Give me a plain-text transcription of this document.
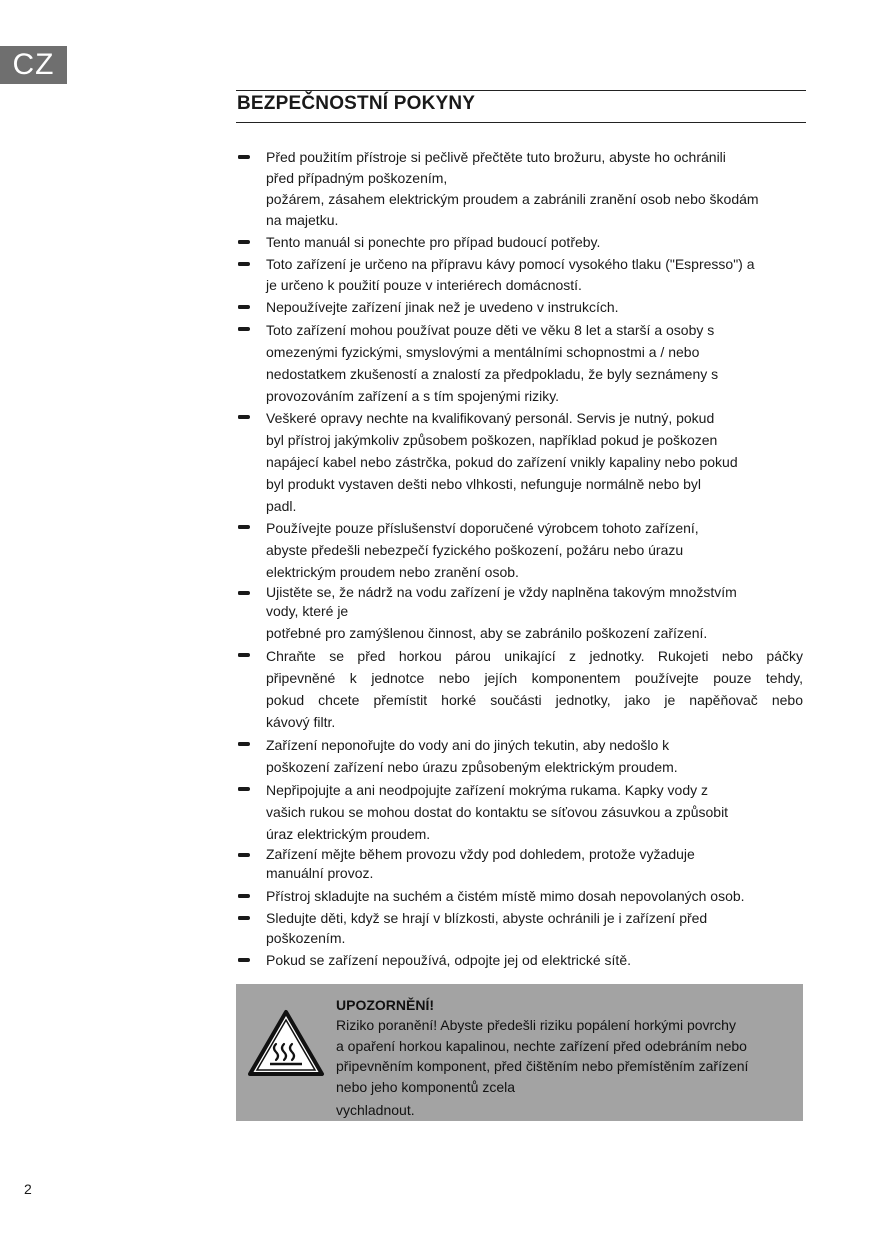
CZ
BEZPEČNOSTNÍ POKYNY
Před použitím přístroje si pečlivě přečtěte tuto brožuru, abyste ho ochránili
před případným poškozením,
požárem, zásahem elektrickým proudem a zabránili zranění osob nebo škodám
na majetku.
Tento manuál si ponechte pro případ budoucí potřeby.
Toto zařízení je určeno na přípravu kávy pomocí vysokého tlaku ("Espresso") a
je určeno k použití pouze v interiérech domácností.
Nepoužívejte zařízení jinak než je uvedeno v instrukcích.
Toto zařízení mohou používat pouze děti ve věku 8 let a starší a osoby s
omezenými fyzickými, smyslovými a mentálními schopnostmi a / nebo
nedostatkem zkušeností a znalostí za předpokladu, že byly seznámeny s
provozováním zařízení a s tím spojenými riziky.
Veškeré opravy nechte na kvalifikovaný personál. Servis je nutný, pokud
byl přístroj jakýmkoliv způsobem poškozen, například pokud je poškozen
napájecí kabel nebo zástrčka, pokud do zařízení vnikly kapaliny nebo pokud
byl produkt vystaven dešti nebo vlhkosti, nefunguje normálně nebo byl
padl.
Používejte pouze příslušenství doporučené výrobcem tohoto zařízení,
abyste předešli nebezpečí fyzického poškození, požáru nebo úrazu
elektrickým proudem nebo zranění osob.
Ujistěte se, že nádrž na vodu zařízení je vždy naplněna takovým množstvím
vody, které je
potřebné pro zamýšlenou činnost, aby se zabránilo poškození zařízení.
Chraňte se před horkou párou unikající z jednotky. Rukojeti nebo páčky
připevněné k jednotce nebo jejích komponentem používejte pouze tehdy,
pokud chcete přemístit horké součásti jednotky, jako je napěňovač nebo
kávový filtr.
Zařízení neponořujte do vody ani do jiných tekutin, aby nedošlo k
poškození zařízení nebo úrazu způsobeným elektrickým proudem.
Nepřipojujte a ani neodpojujte zařízení mokrýma rukama. Kapky vody z
vašich rukou se mohou dostat do kontaktu se síťovou zásuvkou a způsobit
úraz elektrickým proudem.
Zařízení mějte během provozu vždy pod dohledem, protože vyžaduje
manuální provoz.
Přístroj skladujte na suchém a čistém místě mimo dosah nepovolaných osob.
Sledujte děti, když se hrají v blízkosti, abyste ochránili je i zařízení před
poškozením.
Pokud se zařízení nepoužívá, odpojte jej od elektrické sítě.
UPOZORNĚNÍ!
Riziko poranění! Abyste předešli riziku popálení horkými povrchy
a opaření horkou kapalinou, nechte zařízení před odebráním nebo
připevněním komponent, před čištěním nebo přemístěním zařízení
nebo jeho komponentů zcela
vychladnout.
2
